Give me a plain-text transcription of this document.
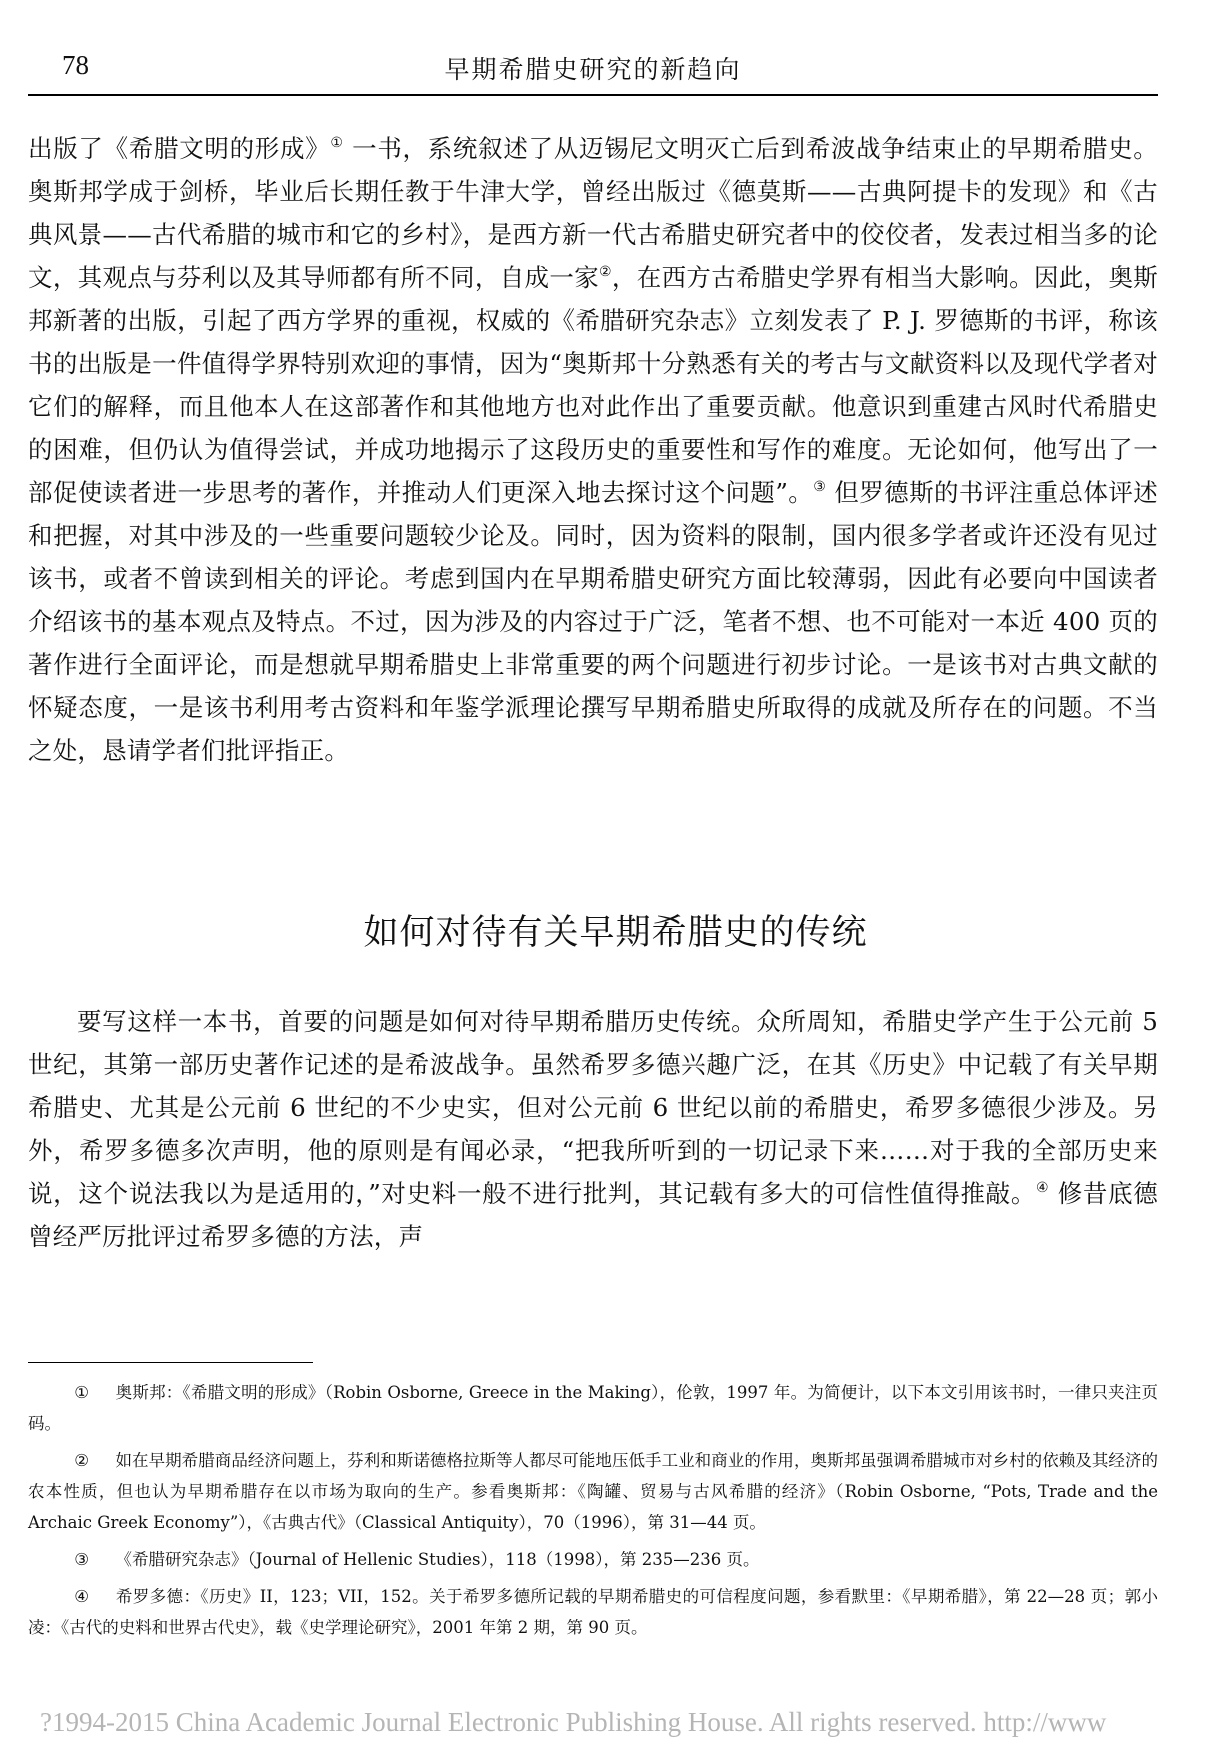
78	早期希腊史研究的新趋向
出版了《希腊文明的形成》① 一书，系统叙述了从迈锡尼文明灭亡后到希波战争结束止的早期希腊史。奥斯邦学成于剑桥，毕业后长期任教于牛津大学，曾经出版过《德莫斯——古典阿提卡的发现》和《古典风景——古代希腊的城市和它的乡村》，是西方新一代古希腊史研究者中的佼佼者，发表过相当多的论文，其观点与芬利以及其导师都有所不同，自成一家②，在西方古希腊史学界有相当大影响。因此，奥斯邦新著的出版，引起了西方学界的重视，权威的《希腊研究杂志》立刻发表了 P. J. 罗德斯的书评，称该书的出版是一件值得学界特别欢迎的事情，因为“奥斯邦十分熟悉有关的考古与文献资料以及现代学者对它们的解释，而且他本人在这部著作和其他地方也对此作出了重要贡献。他意识到重建古风时代希腊史的困难，但仍认为值得尝试，并成功地揭示了这段历史的重要性和写作的难度。无论如何，他写出了一部促使读者进一步思考的著作，并推动人们更深入地去探讨这个问题”。③ 但罗德斯的书评注重总体评述和把握，对其中涉及的一些重要问题较少论及。同时，因为资料的限制，国内很多学者或许还没有见过该书，或者不曾读到相关的评论。考虑到国内在早期希腊史研究方面比较薄弱，因此有必要向中国读者介绍该书的基本观点及特点。不过，因为涉及的内容过于广泛，笔者不想、也不可能对一本近 400 页的著作进行全面评论，而是想就早期希腊史上非常重要的两个问题进行初步讨论。一是该书对古典文献的怀疑态度，一是该书利用考古资料和年鉴学派理论撰写早期希腊史所取得的成就及所存在的问题。不当之处，恳请学者们批评指正。
如何对待有关早期希腊史的传统
要写这样一本书，首要的问题是如何对待早期希腊历史传统。众所周知，希腊史学产生于公元前 5 世纪，其第一部历史著作记述的是希波战争。虽然希罗多德兴趣广泛，在其《历史》中记载了有关早期希腊史、尤其是公元前 6 世纪的不少史实，但对公元前 6 世纪以前的希腊史，希罗多德很少涉及。另外，希罗多德多次声明，他的原则是有闻必录，“把我所听到的一切记录下来……对于我的全部历史来说，这个说法我以为是适用的，”对史料一般不进行批判，其记载有多大的可信性值得推敲。④ 修昔底德曾经严厉批评过希罗多德的方法，声

① 奥斯邦：《希腊文明的形成》（Robin Osborne, Greece in the Making），伦敦，1997 年。为简便计，以下本文引用该书时，一律只夹注页码。

② 如在早期希腊商品经济问题上，芬利和斯诺德格拉斯等人都尽可能地压低手工业和商业的作用，奥斯邦虽强调希腊城市对乡村的依赖及其经济的农本性质，但也认为早期希腊存在以市场为取向的生产。参看奥斯邦：《陶罐、贸易与古风希腊的经济》（Robin Osborne, “Pots, Trade and the Archaic Greek Economy”），《古典古代》（Classical Antiquity），70（1996），第 31—44 页。

③ 《希腊研究杂志》（Journal of Hellenic Studies），118（1998），第 235—236 页。

④ 希罗多德：《历史》II，123；VII，152。关于希罗多德所记载的早期希腊史的可信程度问题，参看默里：《早期希腊》，第 22—28 页；郭小凌：《古代的史料和世界古代史》，载《史学理论研究》，2001 年第 2 期，第 90 页。

?1994-2015 China Academic Journal Electronic Publishing House. All rights reserved. http://www
